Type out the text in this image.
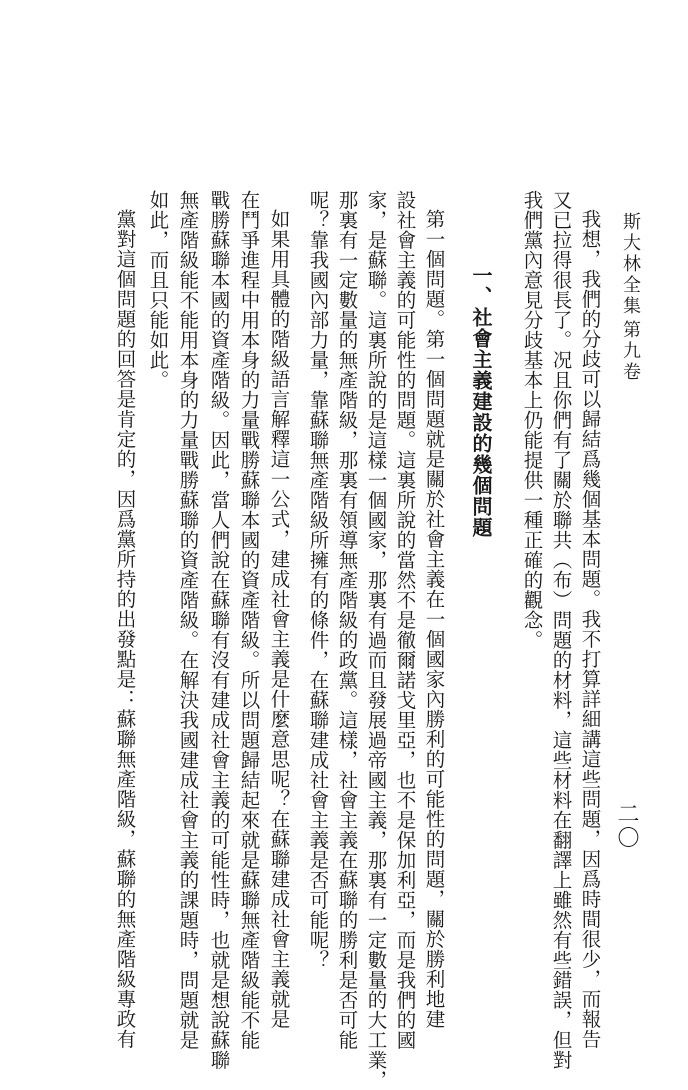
斯大林全集
第九卷
二〇
我想，我們的分歧可以歸結爲幾個基本問題。我不打算詳細講這些問題，因爲時間很少，而報告
又已拉得很長了。况且你們有了關於聯共（布）問題的材料，這些材料在翻譯上雖然有些錯誤，但對
我們黨內意見分歧基本上仍能提供一種正確的觀念。
一、社會主義建設的幾個問題
第一個問題。第一個問題就是關於社會主義在一個國家內勝利的可能性的問題，關於勝利地建
設社會主義的可能性的問題。這裏所說的當然不是徹爾諾戈里亞，也不是保加利亞，而是我們的國
家，是蘇聯。這裏所說的是這樣一個國家，那裏有過而且發展過帝國主義，那裏有一定數量的大工業，
那裏有一定數量的無產階級，那裏有領導無產階級的政黨。這樣，社會主義在蘇聯的勝利是否可能
呢？靠我國內部力量，靠蘇聯無產階級所擁有的條件，在蘇聯建成社會主義是否可能呢？
如果用具體的階級語言解釋這一公式，建成社會主義是什麼意思呢？在蘇聯建成社會主義就是
在鬥爭進程中用本身的力量戰勝蘇聯本國的資產階級。所以問題歸結起來就是蘇聯無產階級能不能
戰勝蘇聯本國的資產階級。因此，當人們說在蘇聯有沒有建成社會主義的可能性時，也就是想說蘇聯
無產階級能不能用本身的力量戰勝蘇聯的資產階級。在解決我國建成社會主義的課題時，問題就是
如此，而且只能如此。
黨對這個問題的回答是肯定的，因爲黨所持的出發點是：蘇聯無產階級，蘇聯的無產階級專政有
